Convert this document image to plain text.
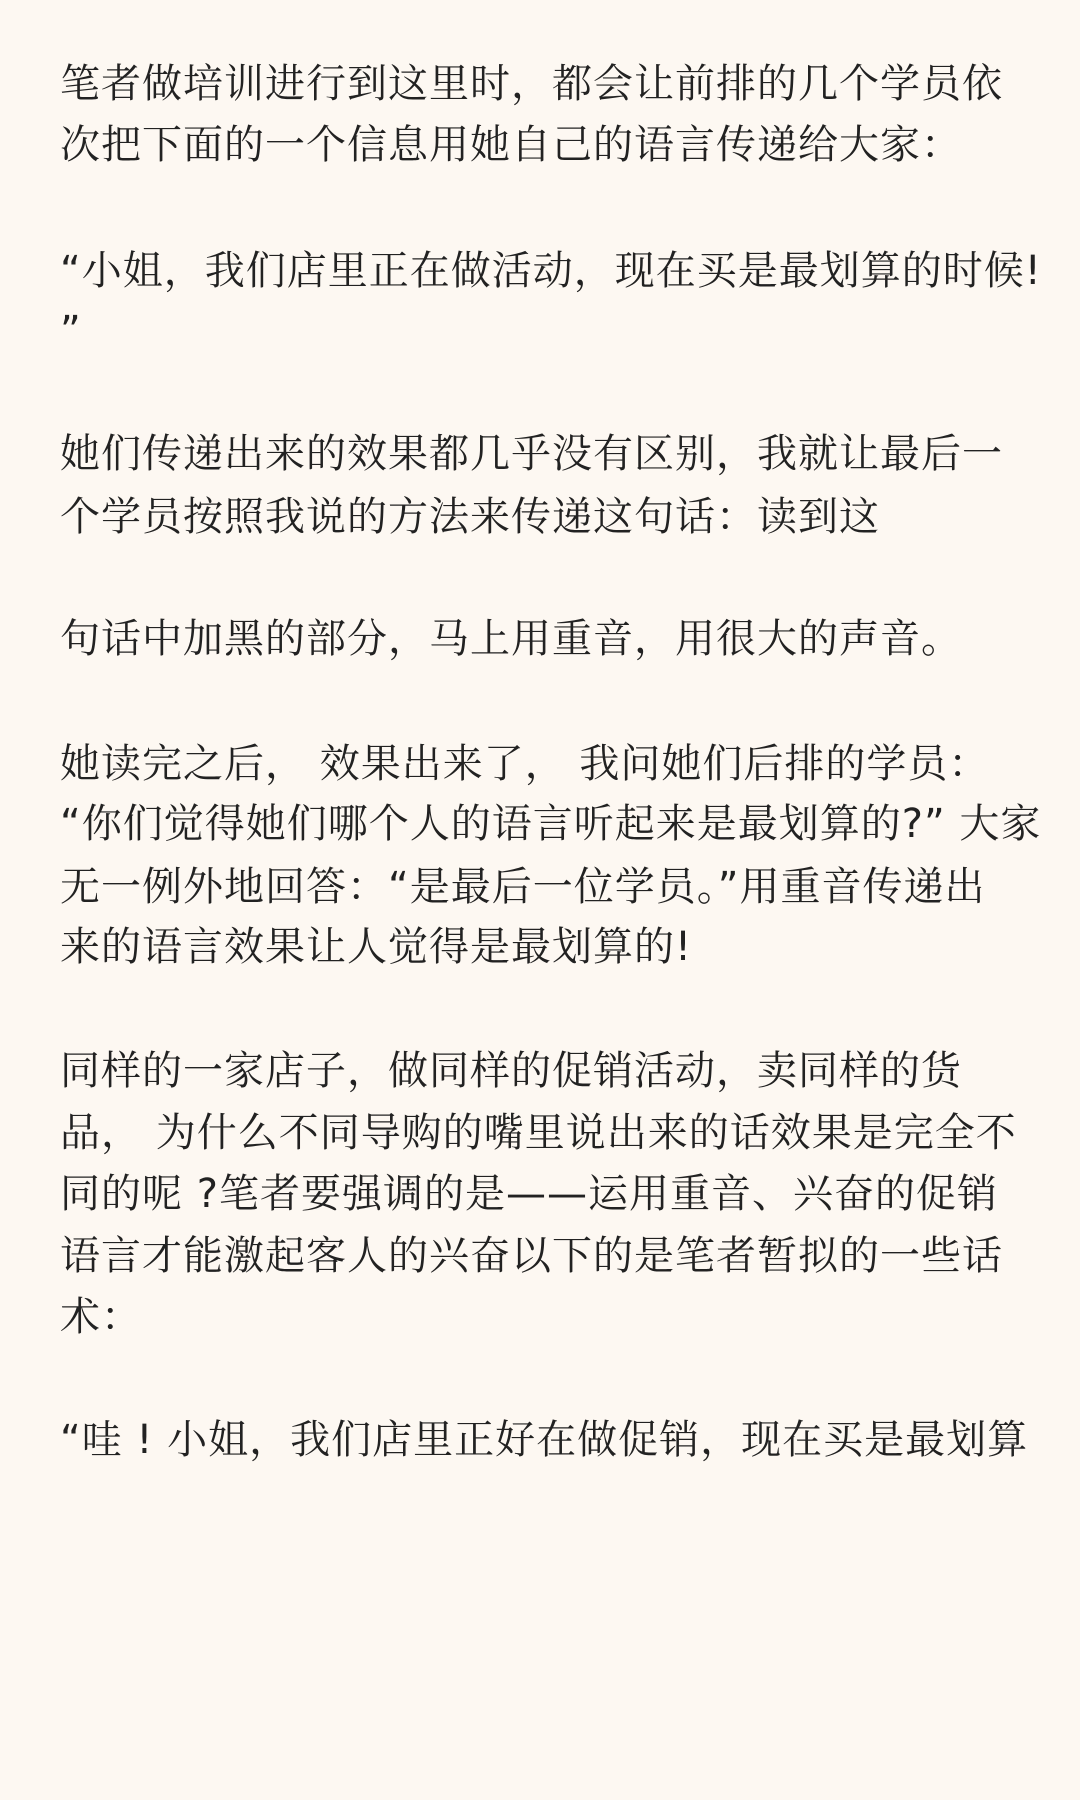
笔者做培训进行到这里时，都会让前排的几个学员依
次把下面的一个信息用她自己的语言传递给大家：
“小姐，我们店里正在做活动，现在买是最划算的时候!
”
她们传递出来的效果都几乎没有区别，我就让最后一
个学员按照我说的方法来传递这句话：读到这
句话中加黑的部分，马上用重音，用很大的声音。
她读完之后， 效果出来了， 我问她们后排的学员：
“你们觉得她们哪个人的语言听起来是最划算的?” 大家
无一例外地回答：“是最后一位学员。”用重音传递出
来的语言效果让人觉得是最划算的!
同样的一家店子，做同样的促销活动，卖同样的货
品， 为什么不同导购的嘴里说出来的话效果是完全不
同的呢 ?笔者要强调的是——运用重音、兴奋的促销
语言才能激起客人的兴奋以下的是笔者暂拟的一些话
术：
“哇 ! 小姐，我们店里正好在做促销，现在买是最划算
